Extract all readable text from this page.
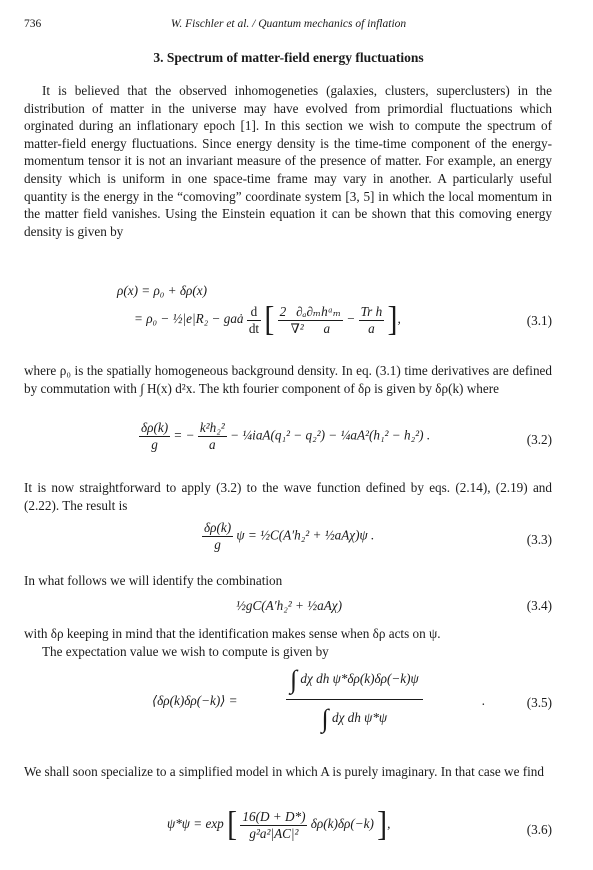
736	W. Fischler et al. / Quantum mechanics of inflation
3. Spectrum of matter-field energy fluctuations

It is believed that the observed inhomogeneties (galaxies, clusters, superclusters) in the distribution of matter in the universe may have evolved from primordial fluctuations which orginated during an inflationary epoch [1]. In this section we wish to compute the spectrum of matter-field energy fluctuations. Since energy density is the time-time component of the energy-momentum tensor it is not an invariant measure of the presence of matter. For example, an energy density which is uniform in one space-time frame may vary in another. A particularly useful quantity is the energy in the “comoving” coordinate system [3, 5] in which the local momentum in the matter field vanishes. Using the Einstein equation it can be shown that this comoving energy density is given by

ρ(x) = ρ₀ + δρ(x)
= ρ₀ − ½|e|R₂ − gaȧ $\frac{d}{dt}$ [ $\frac{\text{2   ∂ₐ∂ₘhᵃₘ}}{\text{∇²      a}} - \frac{\text{Tr h}}{a}$ ],	(3.1)

where ρ₀ is the spatially homogeneous background density. In eq. (3.1) time derivatives are defined by commutation with ∫ H(x) d²x. The kth fourier component of δρ is given by δρ(k) where

$\frac{\delta\rho(k)}{g}$ = − $\frac{\text{k²h₂²}}{a}$ − ¼iaA(q₁² − q₂²) − ¼aA²(h₁² − h₂²) .	(3.2)

It is now straightforward to apply (3.2) to the wave function defined by eqs. (2.14), (2.19) and (2.22). The result is

$\frac{\delta\rho(k)}{g}$ ψ = ½C(A′h₂² + ½aAχ)ψ .	(3.3)

In what follows we will identify the combination

½gC(A′h₂² + ½aAχ)	(3.4)

with δρ keeping in mind that the identification makes sense when δρ acts on ψ.

The expectation value we wish to compute is given by

⟨δρ(k)δρ(−k)⟩ = $\frac{\text{∫ dχ dh ψ*δρ(k)δρ(−k)ψ}}{\text{∫ dχ dh ψ*ψ}}$	.	(3.5)

We shall soon specialize to a simplified model in which A is purely imaginary. In that case we find

ψ*ψ = exp [ $\frac{16(D + D*)}{\text{g²a²|AC|²}} \delta\rho(k)\delta\rho(-k)$ ],	(3.6)
